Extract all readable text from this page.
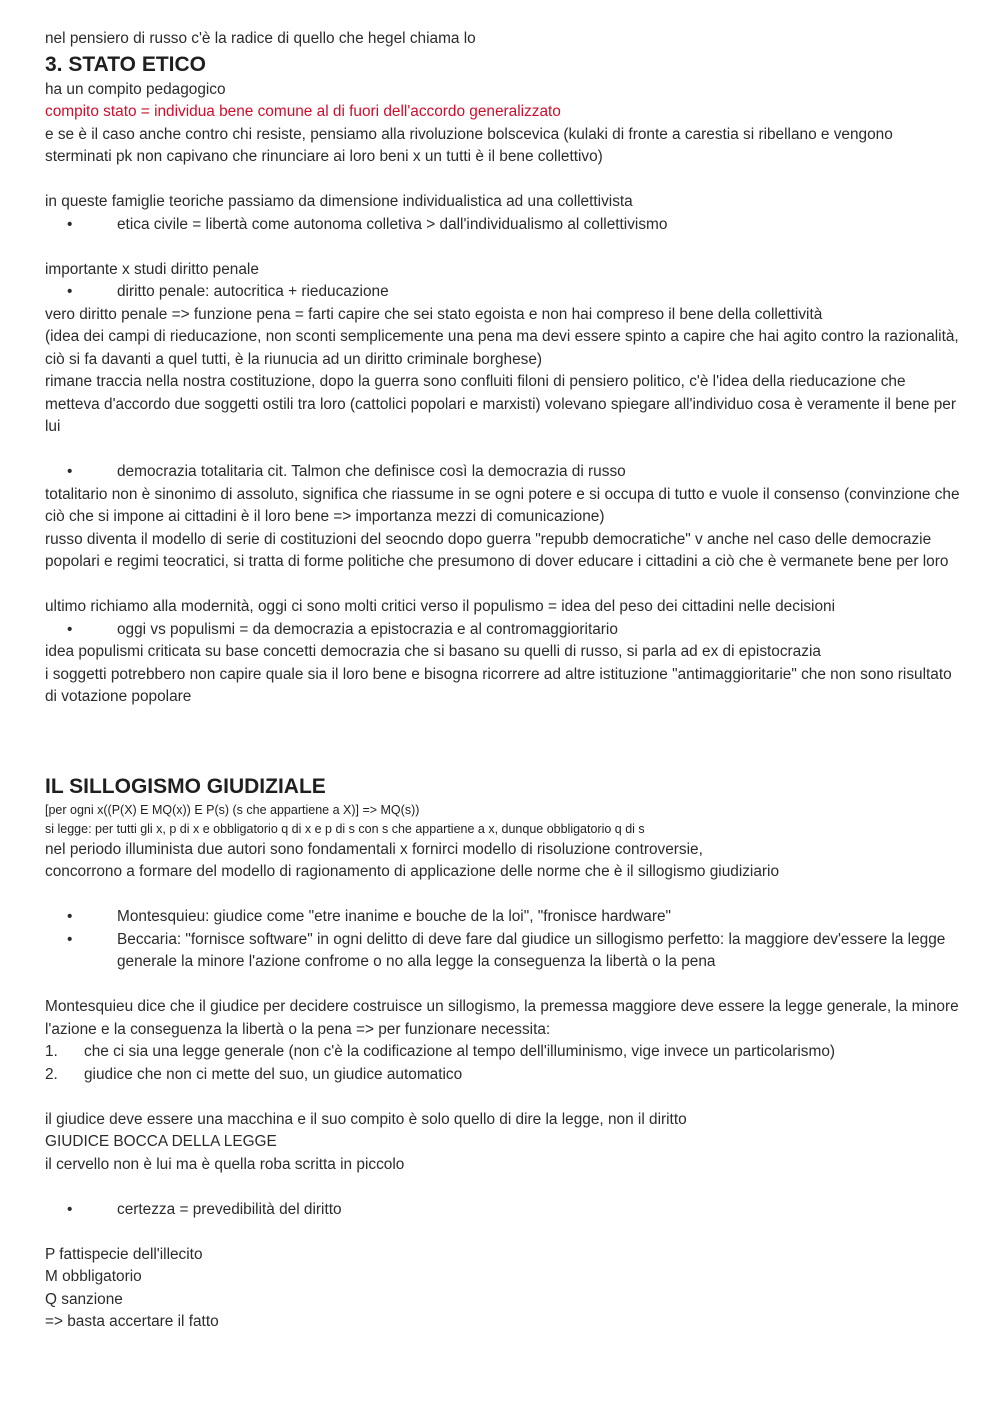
nel pensiero di russo c'è la radice di quello che hegel chiama lo

3. STATO ETICO

ha un compito pedagogico

compito stato = individua bene comune al di fuori dell'accordo generalizzato

e se è il caso anche contro chi resiste, pensiamo alla rivoluzione bolscevica (kulaki di fronte a carestia si ribellano e vengono sterminati pk non capivano che rinunciare ai loro beni x un tutti è il bene collettivo)

in queste famiglie teoriche passiamo da dimensione individualistica ad una collettivista

•	etica civile = libertà come autonoma colletiva > dall'individualismo al collettivismo

importante x studi diritto penale

•	diritto penale: autocritica + rieducazione

vero diritto penale => funzione pena = farti capire che sei stato egoista e non hai compreso il bene della collettività

(idea dei campi di rieducazione, non sconti semplicemente una pena ma devi essere spinto a capire che hai agito contro la razionalità, ciò si fa davanti a quel tutti, è la riunucia ad un diritto criminale borghese)

rimane traccia nella nostra costituzione, dopo la guerra sono confluiti filoni di pensiero politico, c'è l'idea della rieducazione che metteva d'accordo due soggetti ostili tra loro (cattolici popolari e marxisti) volevano spiegare all'individuo cosa è veramente il bene per lui

•	democrazia totalitaria cit. Talmon che definisce così la democrazia di russo

totalitario non è sinonimo di assoluto, significa che riassume in se ogni potere e si occupa di tutto e vuole il consenso (convinzione che ciò che si impone ai cittadini è il loro bene => importanza mezzi di comunicazione)

russo diventa il modello di serie di costituzioni del seocndo dopo guerra "repubb democratiche" v anche nel caso delle democrazie popolari e regimi teocratici, si tratta di forme politiche che presumono di dover educare i cittadini a ciò che è vermanete bene per loro

ultimo richiamo alla modernità, oggi ci sono molti critici verso il populismo = idea del peso dei cittadini nelle decisioni

•	oggi vs populismi = da democrazia a epistocrazia e al contromaggioritario

idea populismi criticata su base concetti democrazia che si basano su quelli di russo, si parla ad ex di epistocrazia

i soggetti potrebbero non capire quale sia il loro bene e bisogna ricorrere ad altre istituzione "antimaggioritarie" che non sono risultato di votazione popolare

IL SILLOGISMO GIUDIZIALE

[per ogni x((P(X) E MQ(x)) E P(s) (s che appartiene a X)] => MQ(s))

si legge: per tutti gli x, p di x e obbligatorio q di x e p di s con s che appartiene a x, dunque obbligatorio q di s

nel periodo illuminista due autori sono fondamentali x fornirci modello di risoluzione controversie,

concorrono a formare del modello di ragionamento di applicazione delle norme che è il sillogismo giudiziario

•	Montesquieu: giudice come "etre inanime e bouche de la loi", "fronisce hardware"

•	Beccaria: "fornisce software" in ogni delitto di deve fare dal giudice un sillogismo perfetto: la maggiore dev'essere la legge generale la minore l'azione confrome o no alla legge la conseguenza la libertà o la pena

Montesquieu dice che il giudice per decidere costruisce un sillogismo, la premessa maggiore deve essere la legge generale, la minore l'azione e la conseguenza la libertà o la pena => per funzionare necessita:

1. che ci sia una legge generale (non c'è la codificazione al tempo dell'illuminismo, vige invece un particolarismo)

2. giudice che non ci mette del suo, un giudice automatico

il giudice deve essere una macchina e il suo compito è solo quello di dire la legge, non il diritto

GIUDICE BOCCA DELLA LEGGE

il cervello non è lui ma è quella roba scritta in piccolo

•	certezza = prevedibilità del diritto

P fattispecie dell'illecito

M obbligatorio

Q sanzione

=> basta accertare il fatto
